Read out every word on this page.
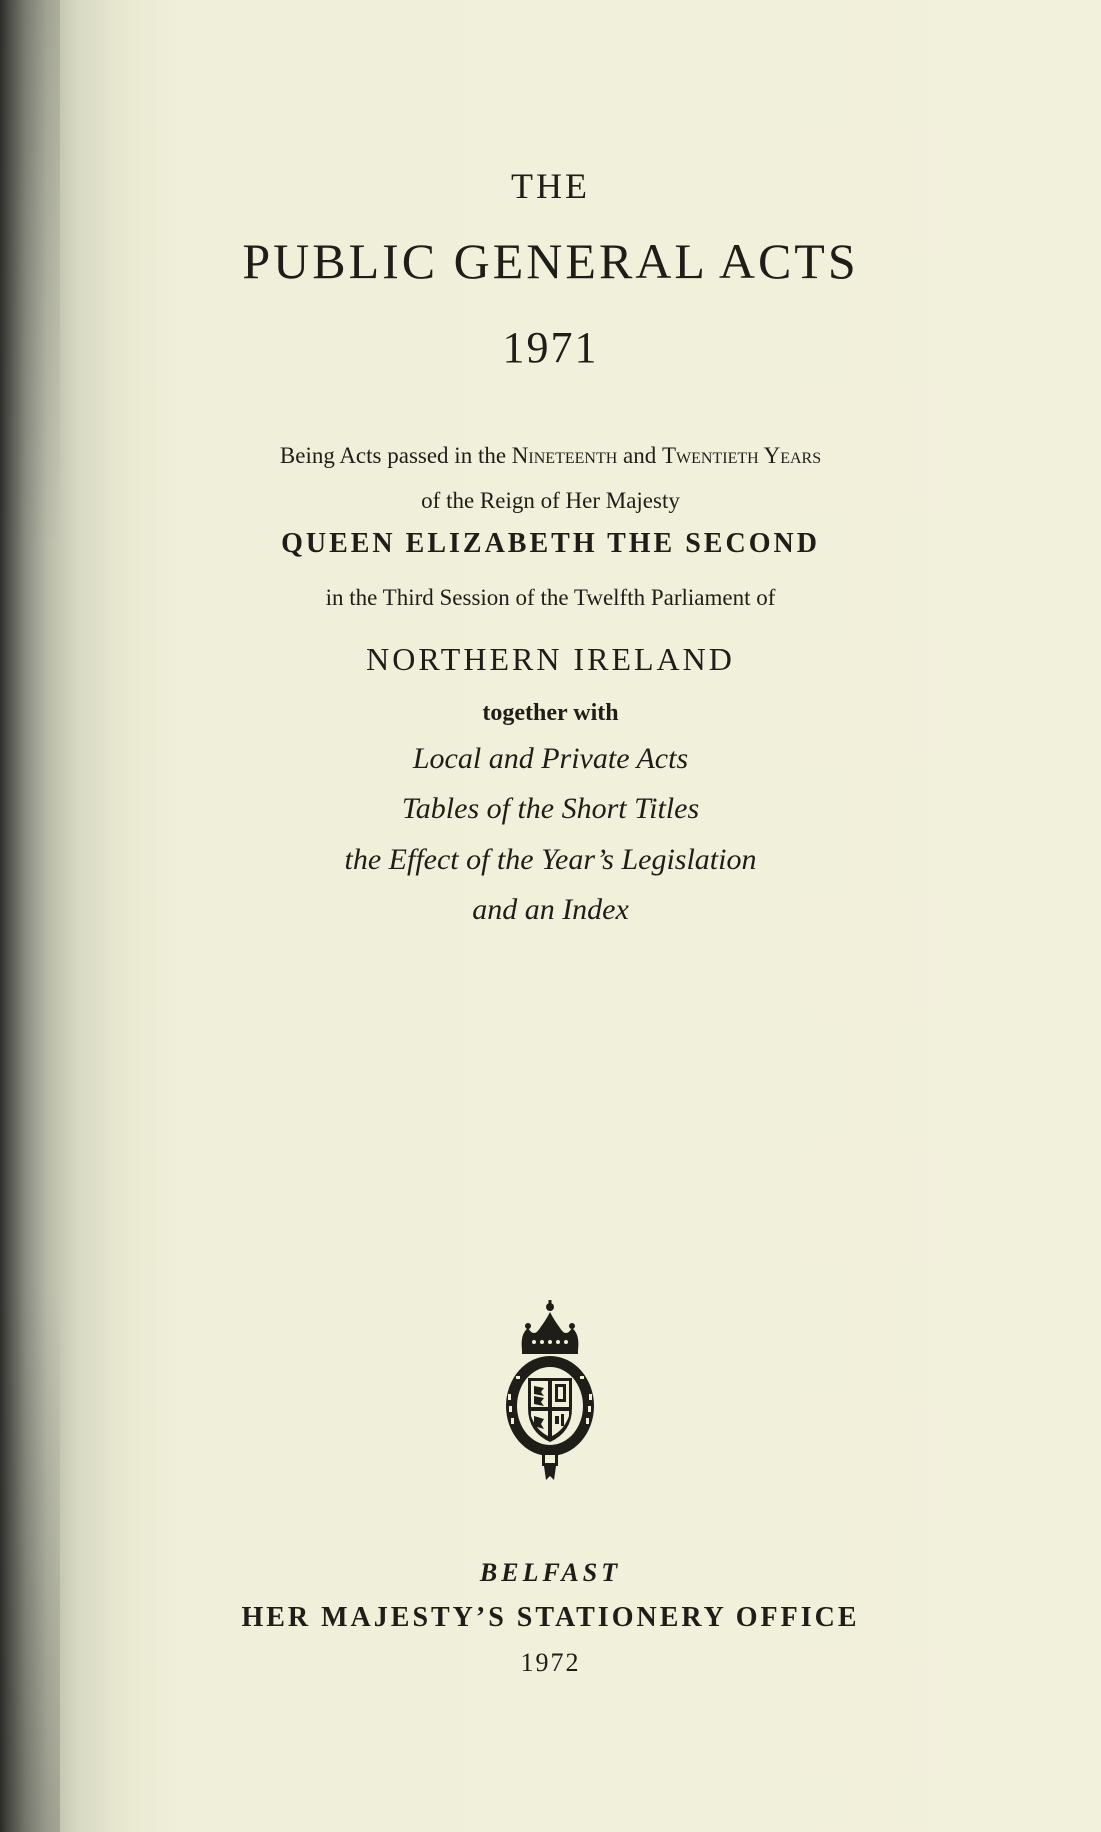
THE
PUBLIC GENERAL ACTS
1971
Being Acts passed in the Nineteenth and Twentieth Years
of the Reign of Her Majesty
QUEEN ELIZABETH THE SECOND
in the Third Session of the Twelfth Parliament of
NORTHERN IRELAND
together with
Local and Private Acts
Tables of the Short Titles
the Effect of the Year’s Legislation
and an Index
BELFAST
HER MAJESTY’S STATIONERY OFFICE
1972
